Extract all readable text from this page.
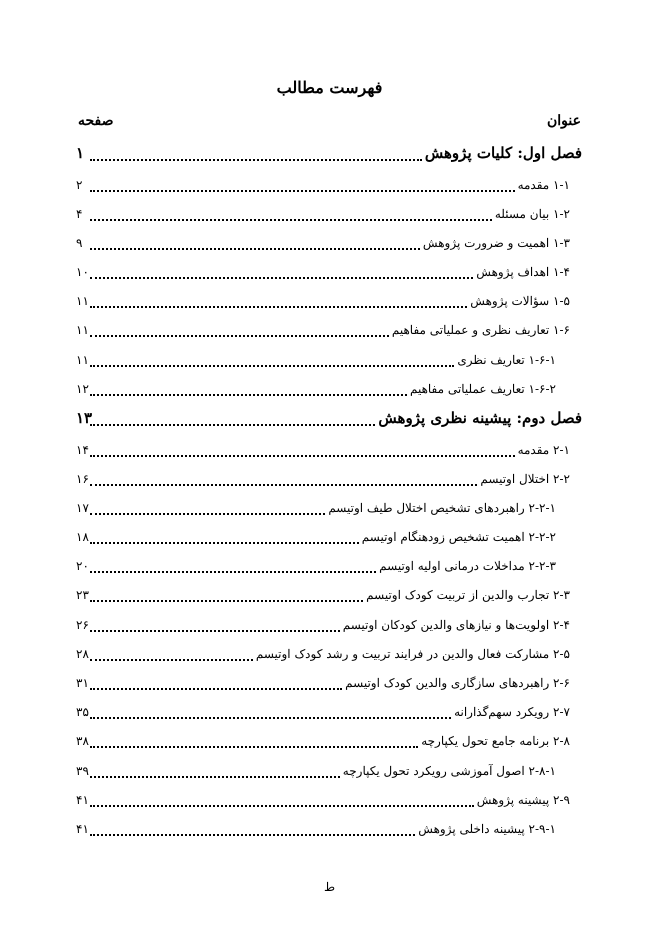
فهرست مطالب
عنوان
صفحه
فصل اول: کلیات پژوهش
۱
۱-۱ مقدمه
۲
۱-۲ بیان مسئله
۴
۱-۳ اهمیت و ضرورت پژوهش
۹
۱-۴ اهداف پژوهش
۱۰
۱-۵ سؤالات پژوهش
۱۱
۱-۶ تعاریف نظری و عملیاتی مفاهیم
۱۱
۱-۶-۱ تعاریف نظری
۱۱
۱-۶-۲ تعاریف عملیاتی مفاهیم
۱۲
فصل دوم: پیشینه نظری پژوهش
۱۳
۲-۱ مقدمه
۱۴
۲-۲ اختلال اوتیسم
۱۶
۲-۲-۱ راهبردهای تشخیص اختلال طیف اوتیسم
۱۷
۲-۲-۲ اهمیت تشخیص زودهنگام اوتیسم
۱۸
۲-۲-۳ مداخلات درمانی اولیه اوتیسم
۲۰
۲-۳ تجارب والدین از تربیت کودک اوتیسم
۲۳
۲-۴ اولویت‌ها و نیازهای والدین کودکان اوتیسم
۲۶
۲-۵ مشارکت فعال والدین در فرایند تربیت و رشد کودک اوتیسم
۲۸
۲-۶ راهبردهای سازگاری والدین کودک اوتیسم
۳۱
۲-۷ رویکرد سهم‌گذارانه
۳۵
۲-۸ برنامه جامع تحول یکپارچه
۳۸
۲-۸-۱ اصول آموزشی رویکرد تحول یکپارچه
۳۹
۲-۹ پیشینه پژوهش
۴۱
۲-۹-۱ پیشینه داخلی پژوهش
۴۱
ط
